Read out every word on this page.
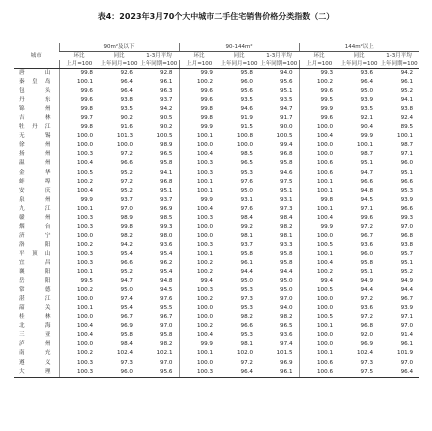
表4：2023年3月70个大中城市二手住宅销售价格分类指数（二）
城市	90m²及以下			90-144m²			144m²以上		
	环比	同比	1-3月平均	环比	同比	1-3月平均	环比	同比	1-3月平均
	上月=100	上年同月=100	上年同期=100	上月=100	上年同月=100	上年同期=100	上月=100	上年同月=100	上年同期=100
唐山	99.8	92.6	92.8	99.9	95.8	94.0	99.3	93.6	94.2
秦皇岛	100.1	96.4	96.1	100.2	96.0	95.6	100.2	96.4	96.1
包头	99.6	96.4	96.3	99.6	95.6	95.1	99.6	95.0	95.2
丹东	99.6	93.8	93.7	99.6	93.5	93.5	99.5	93.9	94.1
锦州	99.8	93.5	94.2	99.8	94.6	94.7	99.9	93.5	93.8
吉林	99.7	90.2	90.5	99.8	91.9	91.7	99.6	92.1	92.4
牡丹江	99.8	91.6	90.2	99.9	91.5	90.0	100.0	90.4	89.5
无锡	100.0	101.3	100.5	100.1	100.8	100.5	100.4	99.9	100.1
徐州	100.0	100.0	98.9	100.0	100.0	99.4	100.0	100.1	98.7
扬州	100.3	97.2	96.5	100.4	98.5	96.8	100.0	98.7	97.1
温州	100.4	96.6	95.8	100.3	96.5	95.8	100.6	95.1	96.0
金华	100.5	95.2	94.1	100.3	95.3	94.6	100.6	94.7	95.1
蚌埠	100.2	97.2	96.8	100.1	97.6	97.5	100.1	96.6	96.6
安庆	100.4	95.2	95.1	100.1	95.0	95.1	100.1	94.8	95.3
泉州	99.9	93.7	93.7	99.9	93.1	93.1	99.8	94.5	93.9
九江	100.1	97.0	96.9	100.4	97.6	97.3	100.1	97.1	96.6
赣州	100.3	98.9	98.5	100.3	98.4	98.4	100.4	99.6	99.3
烟台	100.3	99.8	99.3	100.0	99.2	98.2	99.9	97.2	97.0
济宁	100.0	98.2	98.0	100.0	98.1	98.1	100.0	96.7	96.8
洛阳	100.2	94.2	93.6	100.3	93.7	93.3	100.5	93.6	93.8
平顶山	100.3	95.4	95.4	100.1	95.8	95.8	100.1	96.0	95.7
宜昌	100.3	96.6	96.2	100.2	96.1	95.8	100.4	95.8	95.1
襄阳	100.1	95.2	95.4	100.2	94.4	94.4	100.2	95.1	95.2
岳阳	99.5	94.7	94.8	99.4	95.0	95.0	99.4	94.9	94.9
常德	100.2	95.0	94.5	100.3	95.3	95.0	100.5	94.4	94.4
湛江	100.0	97.4	97.6	100.2	97.3	97.0	100.0	97.2	96.7
韶关	100.1	95.4	95.5	100.0	95.3	94.0	100.0	93.6	93.9
桂林	100.0	96.7	96.7	100.0	98.2	98.2	100.5	97.2	97.1
北海	100.4	96.9	97.0	100.2	96.6	96.5	100.1	96.8	97.0
三亚	100.4	95.8	95.8	100.4	95.3	93.6	100.0	92.0	91.4
泸州	100.0	98.4	98.2	99.9	98.1	97.4	100.0	96.9	96.1
南充	100.2	102.4	102.1	100.1	102.0	101.5	100.1	102.4	101.9
遵义	100.3	97.3	97.0	100.0	97.2	96.9	100.6	97.3	97.0
大理	100.3	96.0	95.6	100.3	96.4	96.1	100.6	97.5	96.4
